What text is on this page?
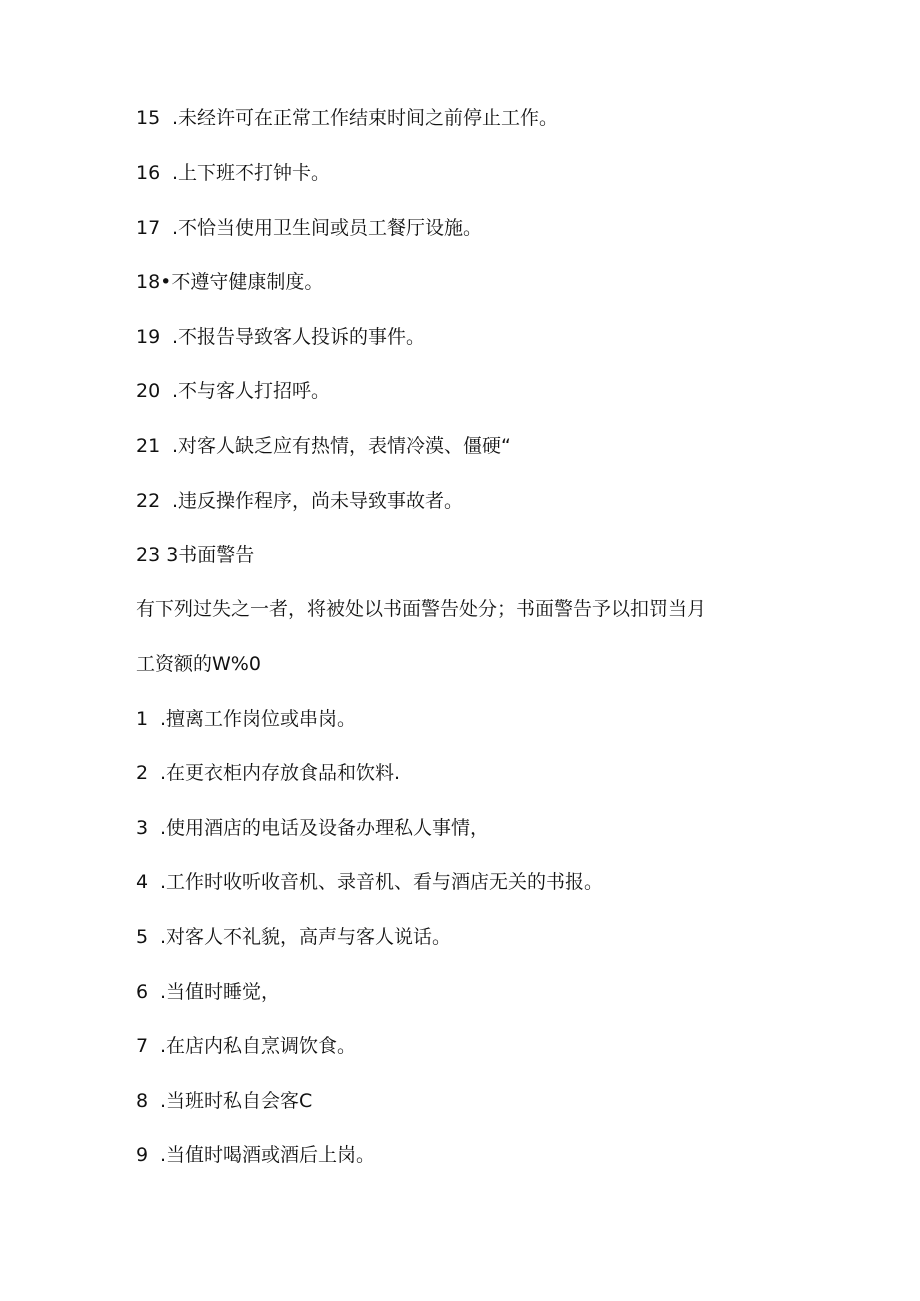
15 .未经许可在正常工作结束时间之前停止工作。
16 .上下班不打钟卡。
17 .不恰当使用卫生间或员工餐厅设施。
18•不遵守健康制度。
19 .不报告导致客人投诉的事件。
20 .不与客人打招呼。
21 .对客人缺乏应有热情，表情冷漠、僵硬“
22 .违反操作程序，尚未导致事故者。
23 3书面警告
有下列过失之一者，将被处以书面警告处分；书面警告予以扣罚当月
工资额的W%0
1 .擅离工作岗位或串岗。
2 .在更衣柜内存放食品和饮料.
3 .使用酒店的电话及设备办理私人事情，
4 .工作时收听收音机、录音机、看与酒店无关的书报。
5 .对客人不礼貌，高声与客人说话。
6 .当值时睡觉，
7 .在店内私自烹调饮食。
8 .当班时私自会客C
9 .当值时喝酒或酒后上岗。
